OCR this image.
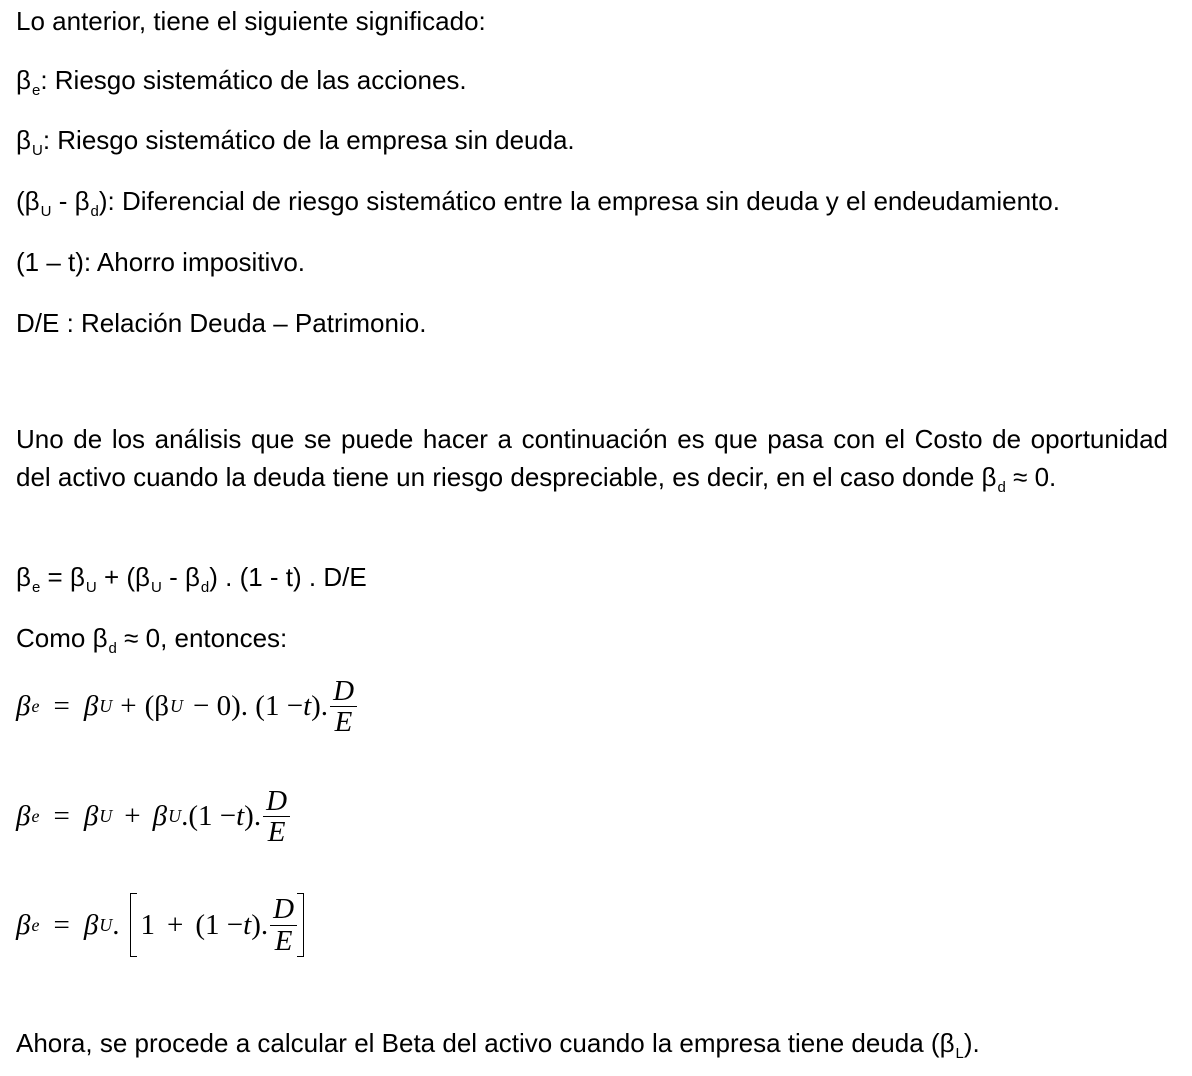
Lo anterior, tiene el siguiente significado:
$\beta_e$: Riesgo sistemático de las acciones.
$\beta_U$: Riesgo sistemático de la empresa sin deuda.
$(\beta_U - \beta_d)$: Diferencial de riesgo sistemático entre la empresa sin deuda y el endeudamiento.
(1 – t): Ahorro impositivo.
D/E : Relación Deuda – Patrimonio.
Uno de los análisis que se puede hacer a continuación es que pasa con el Costo de oportunidad del activo cuando la deuda tiene un riesgo despreciable, es decir, en el caso donde $\beta_d \approx 0$.
$\beta_e = \beta_U + (\beta_U - \beta_d)$ . (1 - t) . D/E
Como $\beta_d \approx 0$, entonces:
β e = β U + (β U − 0). (1 − t ). $\frac{D}{E}$
β e = β U + β U .(1 − t ). $\frac{D}{E}$
β e = β U . 1 + (1 − t ). $\frac{D}{E}$
Ahora, se procede a calcular el Beta del activo cuando la empresa tiene deuda $(\beta_L)$.
